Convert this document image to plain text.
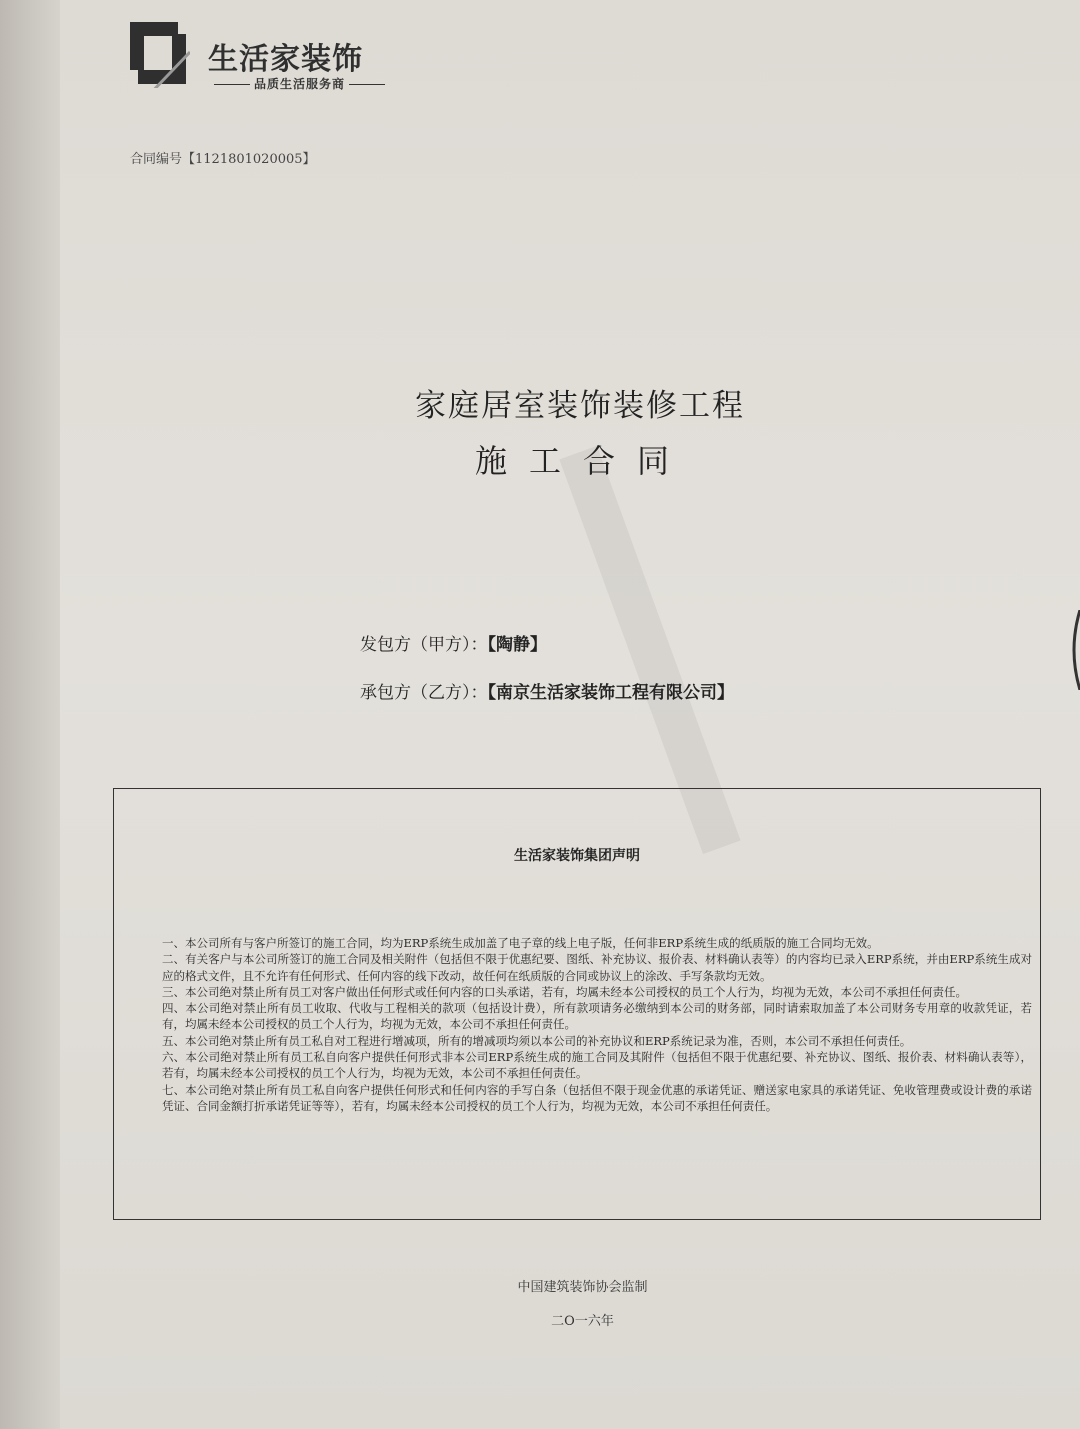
生活家装饰
品质生活服务商
合同编号【1121801020005】
家庭居室装饰装修工程
施工合同
发包方（甲方）：【陶静】
承包方（乙方）：【南京生活家装饰工程有限公司】
生活家装饰集团声明

一、本公司所有与客户所签订的施工合同，均为ERP系统生成加盖了电子章的线上电子版，任何非ERP系统生成的纸质版的施工合同均无效。

二、有关客户与本公司所签订的施工合同及相关附件（包括但不限于优惠纪要、图纸、补充协议、报价表、材料确认表等）的内容均已录入ERP系统，并由ERP系统生成对应的格式文件，且不允许有任何形式、任何内容的线下改动，故任何在纸质版的合同或协议上的涂改、手写条款均无效。

三、本公司绝对禁止所有员工对客户做出任何形式或任何内容的口头承诺，若有，均属未经本公司授权的员工个人行为，均视为无效，本公司不承担任何责任。

四、本公司绝对禁止所有员工收取、代收与工程相关的款项（包括设计费），所有款项请务必缴纳到本公司的财务部，同时请索取加盖了本公司财务专用章的收款凭证，若有，均属未经本公司授权的员工个人行为，均视为无效，本公司不承担任何责任。

五、本公司绝对禁止所有员工私自对工程进行增减项，所有的增减项均须以本公司的补充协议和ERP系统记录为准，否则，本公司不承担任何责任。

六、本公司绝对禁止所有员工私自向客户提供任何形式非本公司ERP系统生成的施工合同及其附件（包括但不限于优惠纪要、补充协议、图纸、报价表、材料确认表等），若有，均属未经本公司授权的员工个人行为，均视为无效，本公司不承担任何责任。

七、本公司绝对禁止所有员工私自向客户提供任何形式和任何内容的手写白条（包括但不限于现金优惠的承诺凭证、赠送家电家具的承诺凭证、免收管理费或设计费的承诺凭证、合同金额打折承诺凭证等等），若有，均属未经本公司授权的员工个人行为，均视为无效，本公司不承担任何责任。

中国建筑装饰协会监制
二O一六年
